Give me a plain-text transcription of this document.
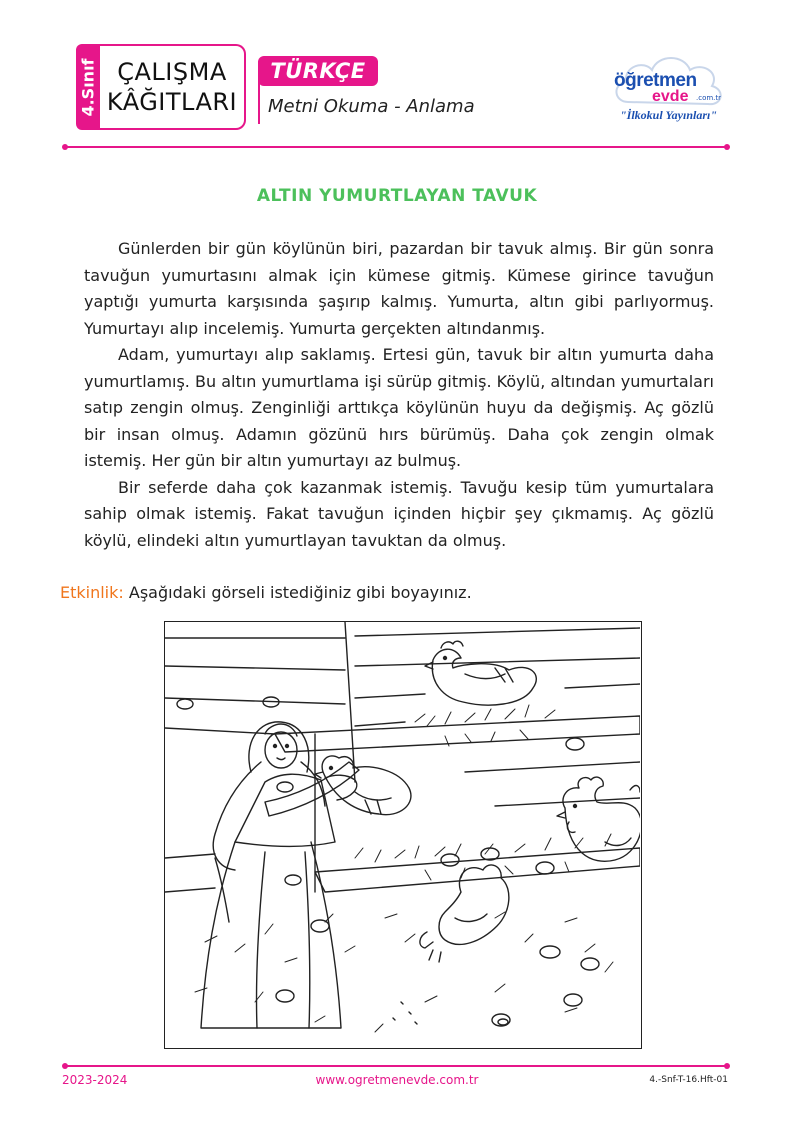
4.Sınıf ÇALIŞMA
KÂĞITLARI
TÜRKÇE
Metni Okuma - Anlama
öğretmen
evde .com.tr
"İlkokul Yayınları"
ALTIN YUMURTLAYAN TAVUK

Günlerden bir gün köylünün biri, pazardan bir tavuk almış. Bir gün sonra tavuğun yumurtasını almak için kümese gitmiş. Kümese girince tavuğun yaptığı yumurta karşısında şaşırıp kalmış. Yumurta, altın gibi parlıyormuş. Yumurtayı alıp incelemiş. Yumurta gerçekten altındanmış.

Adam, yumurtayı alıp saklamış. Ertesi gün, tavuk bir altın yumurta daha yumurtlamış. Bu altın yumurtlama işi sürüp gitmiş. Köylü, altından yumurtaları satıp zengin olmuş. Zenginliği arttıkça köylünün huyu da değişmiş. Aç gözlü bir insan olmuş. Adamın gözünü hırs bürümüş. Daha çok zengin olmak istemiş. Her gün bir altın yumurtayı az bulmuş.

Bir seferde daha çok kazanmak istemiş. Tavuğu kesip tüm yumurtalara sahip olmak istemiş. Fakat tavuğun içinden hiçbir şey çıkmamış. Aç gözlü köylü, elindeki altın yumurtlayan tavuktan da olmuş.

Etkinlik: Aşağıdaki görseli istediğiniz gibi boyayınız.
2023-2024	www.ogretmenevde.com.tr	4.-Snf-T-16.Hft-01
